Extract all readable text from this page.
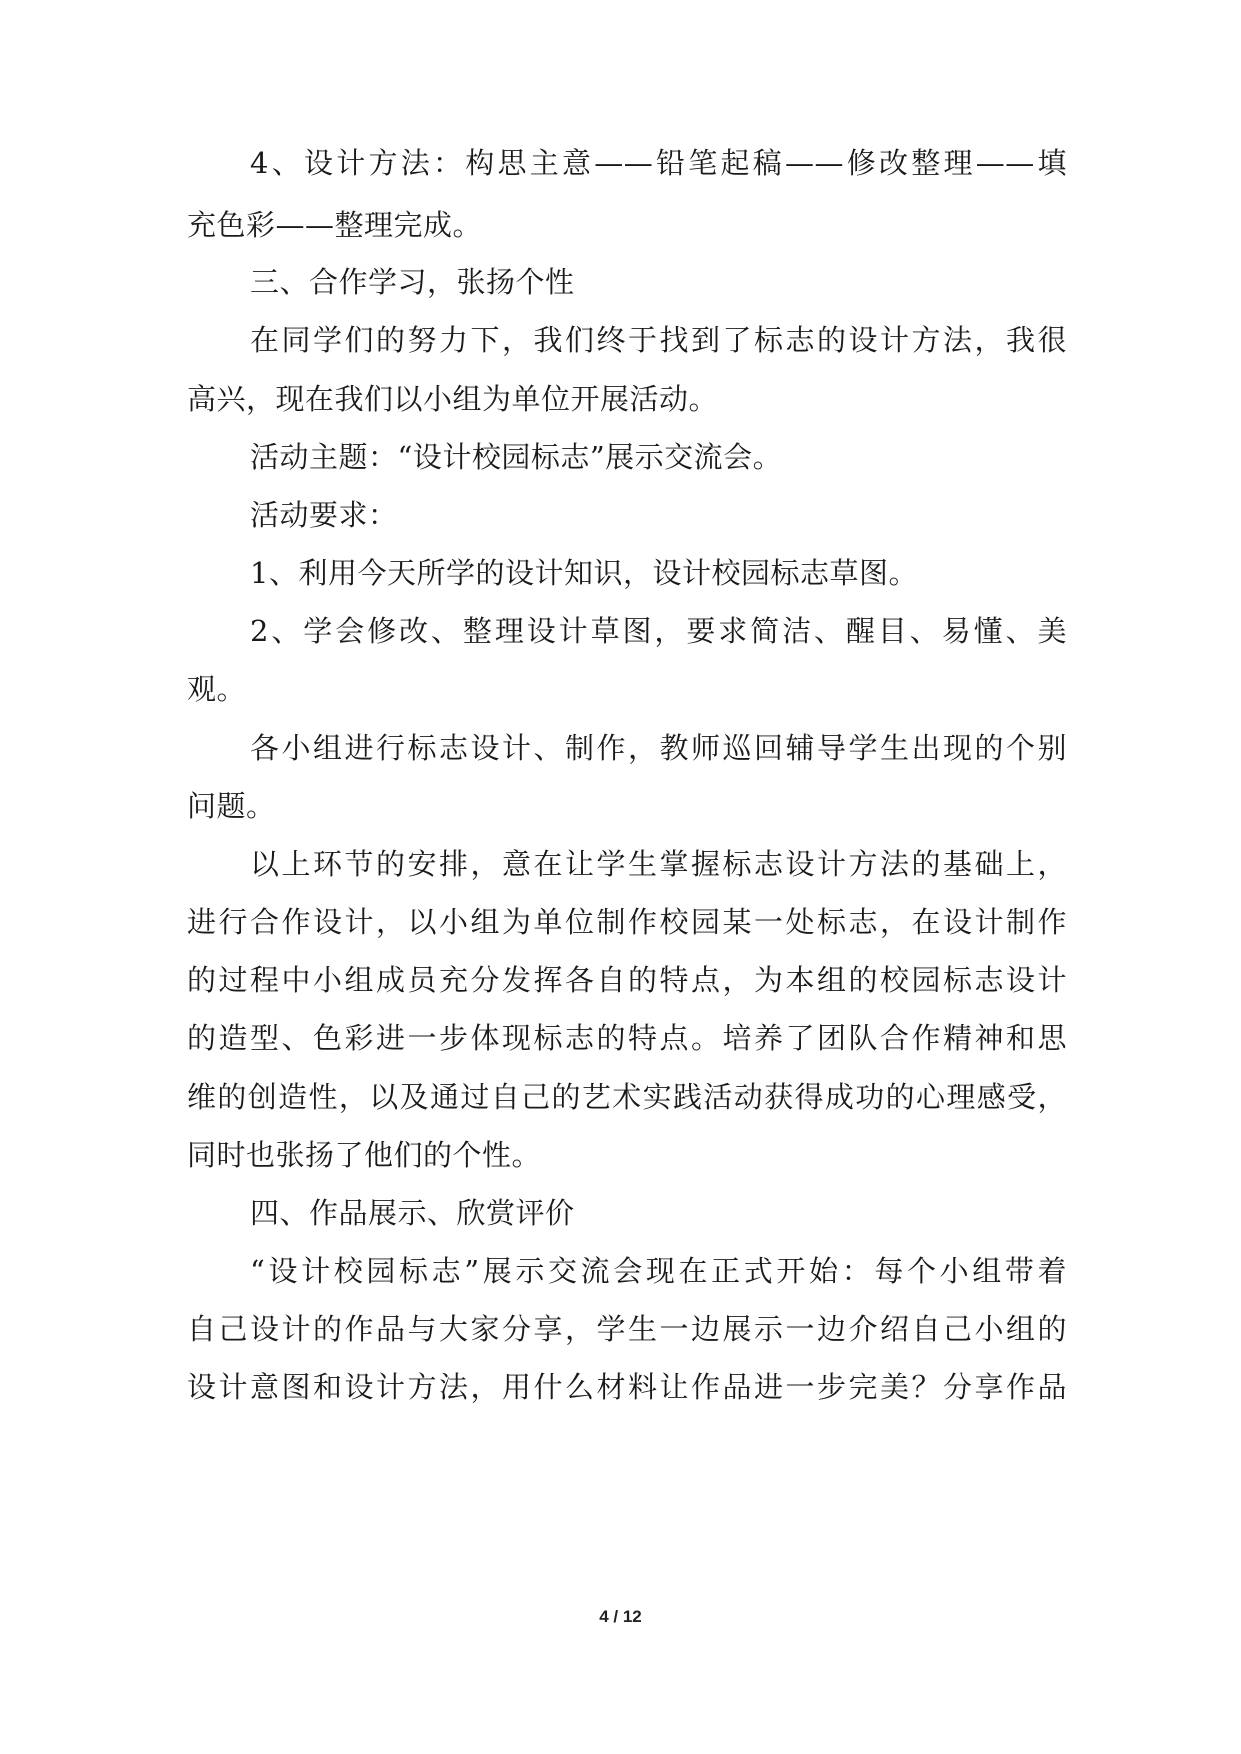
4、设计方法：构思主意——铅笔起稿——修改整理——填
充色彩——整理完成。
三、合作学习，张扬个性
在同学们的努力下，我们终于找到了标志的设计方法，我很
高兴，现在我们以小组为单位开展活动。
活动主题：“设计校园标志”展示交流会。
活动要求：
1、利用今天所学的设计知识，设计校园标志草图。
2、学会修改、整理设计草图，要求简洁、醒目、易懂、美
观。
各小组进行标志设计、制作，教师巡回辅导学生出现的个别
问题。
以上环节的安排，意在让学生掌握标志设计方法的基础上，
进行合作设计，以小组为单位制作校园某一处标志，在设计制作
的过程中小组成员充分发挥各自的特点，为本组的校园标志设计
的造型、色彩进一步体现标志的特点。培养了团队合作精神和思
维的创造性，以及通过自己的艺术实践活动获得成功的心理感受，
同时也张扬了他们的个性。
四、作品展示、欣赏评价
“设计校园标志”展示交流会现在正式开始：每个小组带着
自己设计的作品与大家分享，学生一边展示一边介绍自己小组的
设计意图和设计方法，用什么材料让作品进一步完美？分享作品
4 / 12
